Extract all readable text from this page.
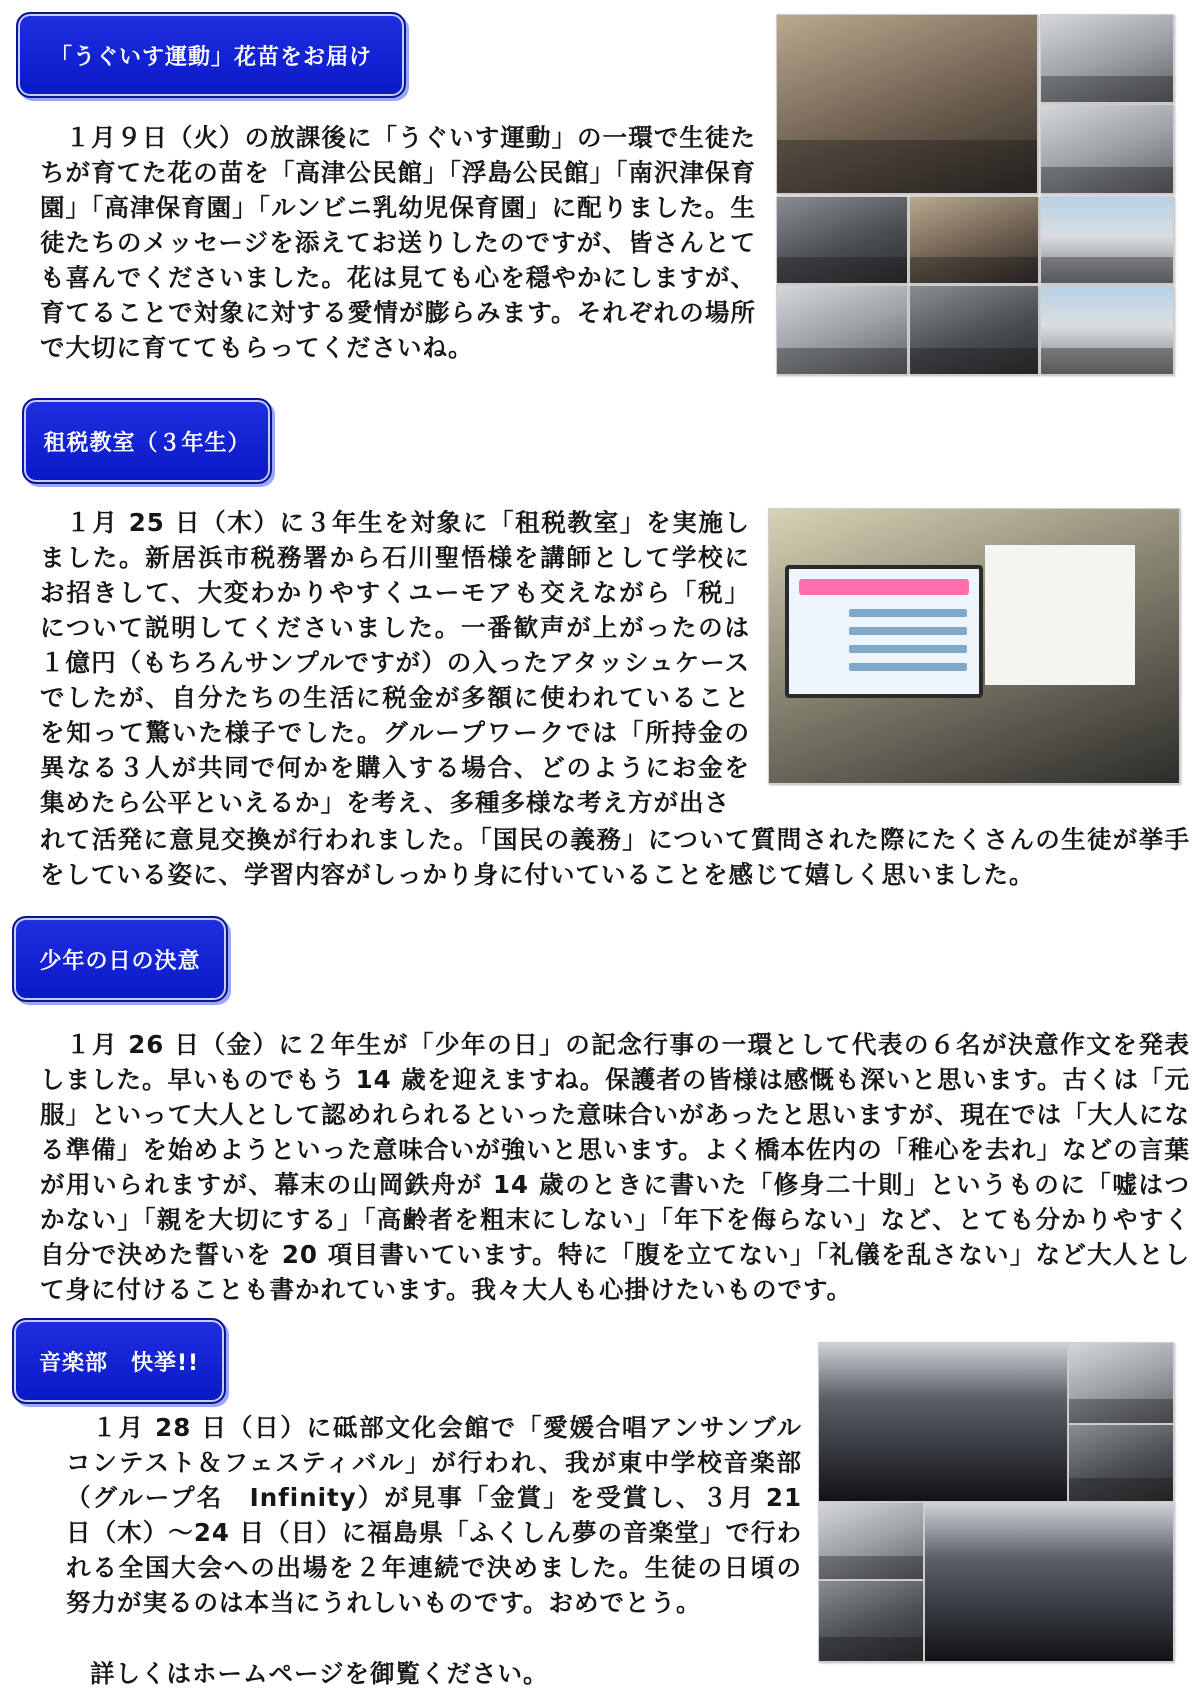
「うぐいす運動」花苗をお届け

　１月９日（火）の放課後に「うぐいす運動」の一環で生徒たちが育てた花の苗を「高津公民館」「浮島公民館」「南沢津保育園」「高津保育園」「ルンビニ乳幼児保育園」に配りました。生徒たちのメッセージを添えてお送りしたのですが、皆さんとても喜んでくださいました。花は見ても心を穏やかにしますが、育てることで対象に対する愛情が膨らみます。それぞれの場所で大切に育ててもらってくださいね。

租税教室（３年生）

　１月 25 日（木）に３年生を対象に「租税教室」を実施しました。新居浜市税務署から石川聖悟様を講師として学校にお招きして、大変わかりやすくユーモアも交えながら「税」について説明してくださいました。一番歓声が上がったのは１億円（もちろんサンプルですが）の入ったアタッシュケースでしたが、自分たちの生活に税金が多額に使われていることを知って驚いた様子でした。グループワークでは「所持金の異なる３人が共同で何かを購入する場合、どのようにお金を集めたら公平といえるか」を考え、多種多様な考え方が出さ

れて活発に意見交換が行われました。「国民の義務」について質問された際にたくさんの生徒が挙手をしている姿に、学習内容がしっかり身に付いていることを感じて嬉しく思いました。

少年の日の決意

　１月 26 日（金）に２年生が「少年の日」の記念行事の一環として代表の６名が決意作文を発表しました。早いものでもう 14 歳を迎えますね。保護者の皆様は感慨も深いと思います。古くは「元服」といって大人として認めれられるといった意味合いがあったと思いますが、現在では「大人になる準備」を始めようといった意味合いが強いと思います。よく橋本佐内の「稚心を去れ」などの言葉が用いられますが、幕末の山岡鉄舟が 14 歳のときに書いた「修身二十則」というものに「嘘はつかない」「親を大切にする」「高齢者を粗末にしない」「年下を侮らない」など、とても分かりやすく自分で決めた誓いを 20 項目書いています。特に「腹を立てない」「礼儀を乱さない」など大人として身に付けることも書かれています。我々大人も心掛けたいものです。

音楽部　快挙!!

　１月 28 日（日）に砥部文化会館で「愛媛合唱アンサンブルコンテスト＆フェスティバル」が行われ、我が東中学校音楽部（グループ名　Infinity）が見事「金賞」を受賞し、３月 21 日（木）～24 日（日）に福島県「ふくしん夢の音楽堂」で行われる全国大会への出場を２年連続で決めました。生徒の日頃の努力が実るのは本当にうれしいものです。おめでとう。

詳しくはホームページを御覧ください。
